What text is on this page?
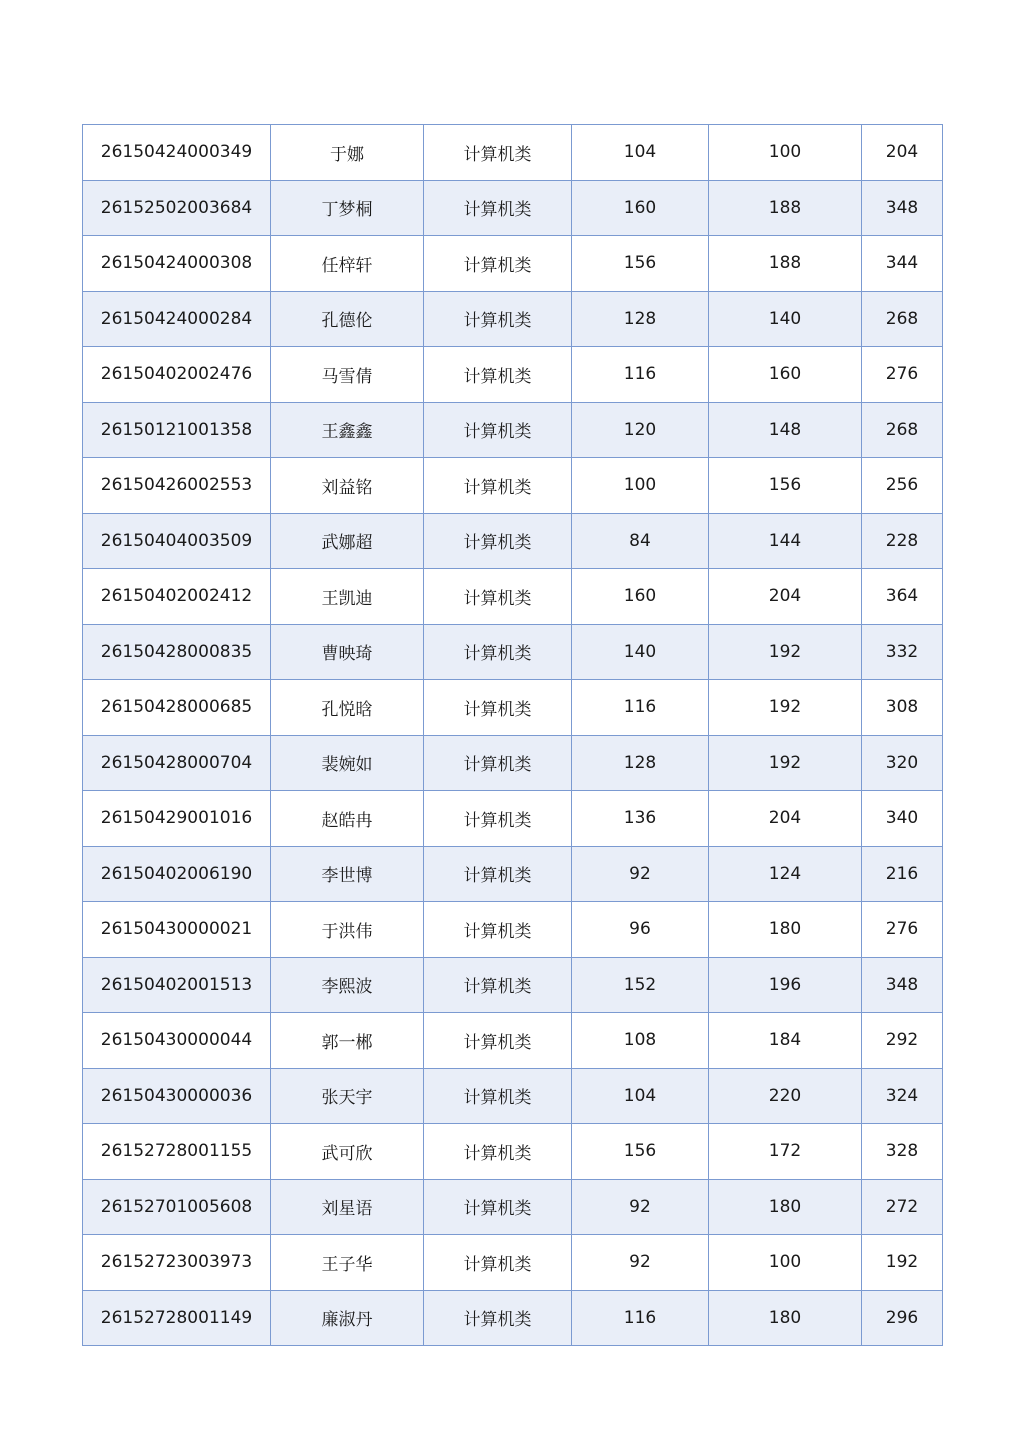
26150424000349	于娜	计算机类	104	100	204
26152502003684	丁梦桐	计算机类	160	188	348
26150424000308	任梓轩	计算机类	156	188	344
26150424000284	孔德伦	计算机类	128	140	268
26150402002476	马雪倩	计算机类	116	160	276
26150121001358	王鑫鑫	计算机类	120	148	268
26150426002553	刘益铭	计算机类	100	156	256
26150404003509	武娜超	计算机类	84	144	228
26150402002412	王凯迪	计算机类	160	204	364
26150428000835	曹映琦	计算机类	140	192	332
26150428000685	孔悦晗	计算机类	116	192	308
26150428000704	裴婉如	计算机类	128	192	320
26150429001016	赵皓冉	计算机类	136	204	340
26150402006190	李世博	计算机类	92	124	216
26150430000021	于洪伟	计算机类	96	180	276
26150402001513	李熙波	计算机类	152	196	348
26150430000044	郭一郴	计算机类	108	184	292
26150430000036	张天宇	计算机类	104	220	324
26152728001155	武可欣	计算机类	156	172	328
26152701005608	刘星语	计算机类	92	180	272
26152723003973	王子华	计算机类	92	100	192
26152728001149	廉淑丹	计算机类	116	180	296
